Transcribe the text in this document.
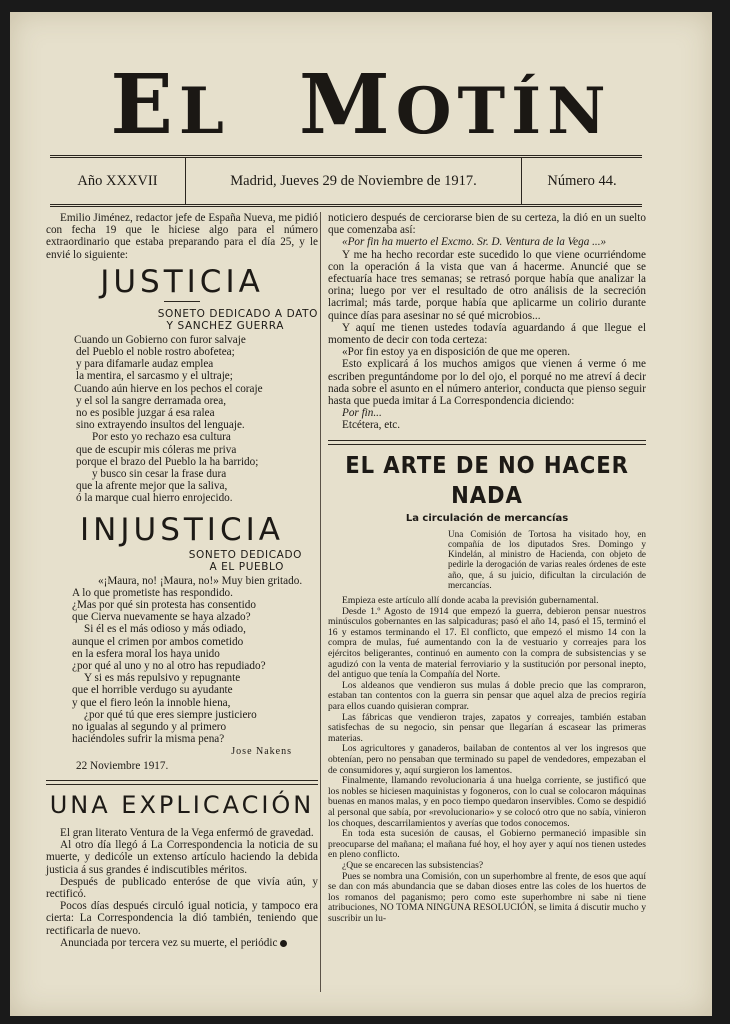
EL MOTÍN
Año XXXVII	Madrid, Jueves 29 de Noviembre de 1917.	Número 44.

Emilio Jiménez, redactor jefe de España Nueva, me pidió con fecha 19 que le hiciese algo para el número extraordinario que estaba preparando para el día 25, y le envié lo siguiente:

JUSTICIA
SONETO DEDICADO A DATO
Y SANCHEZ GUERRA
Cuando un Gobierno con furor salvaje
del Pueblo el noble rostro abofetea;
y para difamarle audaz emplea
la mentira, el sarcasmo y el ultraje;
Cuando aún hierve en los pechos el coraje
y el sol la sangre derramada orea,
no es posible juzgar á esa ralea
sino extrayendo insultos del lenguaje.
Por esto yo rechazo esa cultura
que de escupir mis cóleras me priva
porque el brazo del Pueblo la ha barrido;
y busco sin cesar la frase dura
que la afrente mejor que la saliva,
ó la marque cual hierro enrojecido.
INJUSTICIA
SONETO DEDICADO
A EL PUEBLO
«¡Maura, no! ¡Maura, no!» Muy bien gritado.
A lo que prometiste has respondido.
¿Mas por qué sin protesta has consentido
que Cierva nuevamente se haya alzado?
Si él es el más odioso y más odiado,
aunque el crimen por ambos cometido
en la esfera moral los haya unido
¿por qué al uno y no al otro has repudiado?
Y si es más repulsivo y repugnante
que el horrible verdugo su ayudante
y que el fiero león la innoble hiena,
¿por qué tú que eres siempre justiciero
no igualas al segundo y al primero
haciéndoles sufrir la misma pena?
Jose Nakens
22 Noviembre 1917.
UNA EXPLICACIÓN

El gran literato Ventura de la Vega enfermó de gravedad.

Al otro día llegó á La Correspondencia la noticia de su muerte, y dedicóle un extenso artículo haciendo la debida justicia á sus grandes é indiscutibles méritos.

Después de publicado enteróse de que vivía aún, y rectificó.

Pocos días después circuló igual noticia, y tampoco era cierta: La Correspondencia la dió también, teniendo que rectificarla de nuevo.

Anunciada por tercera vez su muerte, el periódic

noticiero después de cerciorarse bien de su certeza, la dió en un suelto que comenzaba así:

«Por fin ha muerto el Excmo. Sr. D. Ventura de la Vega ...»

Y me ha hecho recordar este sucedido lo que viene ocurriéndome con la operación á la vista que van á hacerme. Anuncié que se efectuaría hace tres semanas; se retrasó porque había que analizar la orina; luego por ver el resultado de otro análisis de la secreción lacrimal; más tarde, porque había que aplicarme un colirio durante quince días para asesinar no sé qué microbios...

Y aquí me tienen ustedes todavía aguardando á que llegue el momento de decir con toda certeza:

«Por fin estoy ya en disposición de que me operen.

Esto explicará á los muchos amigos que vienen á verme ó me escriben preguntándome por lo del ojo, el porqué no me atreví á decir nada sobre el asunto en el número anterior, conducta que pienso seguir hasta que pueda imitar á La Correspondencia diciendo:

Por fin...

Etcétera, etc.

EL ARTE DE NO HACER NADA
La circulación de mercancías
Una Comisión de Tortosa ha visitado hoy, en compañía de los diputados Sres. Domingo y Kindelán, al ministro de Hacienda, con objeto de pedirle la derogación de varias reales órdenes de este año, que, á su juicio, dificultan la circulación de mercancías.

Empieza este artículo allí donde acaba la previsión gubernamental.

Desde 1.º Agosto de 1914 que empezó la guerra, debieron pensar nuestros minúsculos gobernantes en las salpicaduras; pasó el año 14, pasó el 15, terminó el 16 y estamos terminando el 17. El conflicto, que empezó el mismo 14 con la compra de mulas, fué aumentando con la de vestuario y correajes para los ejércitos beligerantes, continuó en aumento con la compra de subsistencias y se agudizó con la venta de material ferroviario y la sustitución por personal inepto, del antiguo que tenía la Compañía del Norte.

Los aldeanos que vendieron sus mulas á doble precio que las compraron, estaban tan contentos con la guerra sin pensar que aquel alza de precios regiría para ellos cuando quisieran comprar.

Las fábricas que vendieron trajes, zapatos y correajes, también estaban satisfechas de su negocio, sin pensar que llegarían á escasear las primeras materias.

Los agricultores y ganaderos, bailaban de contentos al ver los ingresos que obtenían, pero no pensaban que terminado su papel de vendedores, empezaban el de consumidores y, aquí surgieron los lamentos.

Finalmente, llamando revolucionaria á una huelga corriente, se justificó que los nobles se hiciesen maquinistas y fogoneros, con lo cual se colocaron máquinas buenas en manos malas, y en poco tiempo quedaron inservibles. Como se despidió al personal que sabía, por «revolucionario» y se colocó otro que no sabía, vinieron los choques, descarrilamientos y averías que todos conocemos.

En toda esta sucesión de causas, el Gobierno permaneció impasible sin preocuparse del mañana; el mañana fué hoy, el hoy ayer y aquí nos tienen ustedes en pleno conflicto.

¿Que se encarecen las subsistencias?

Pues se nombra una Comisión, con un superhombre al frente, de esos que aquí se dan con más abundancia que se daban dioses entre las coles de los huertos de los romanos del paganismo; pero como este superhombre ni sabe ni tiene atribuciones, NO TOMA NINGUNA RESOLUCIÓN, se limita á discutir mucho y suscribir un lu-
